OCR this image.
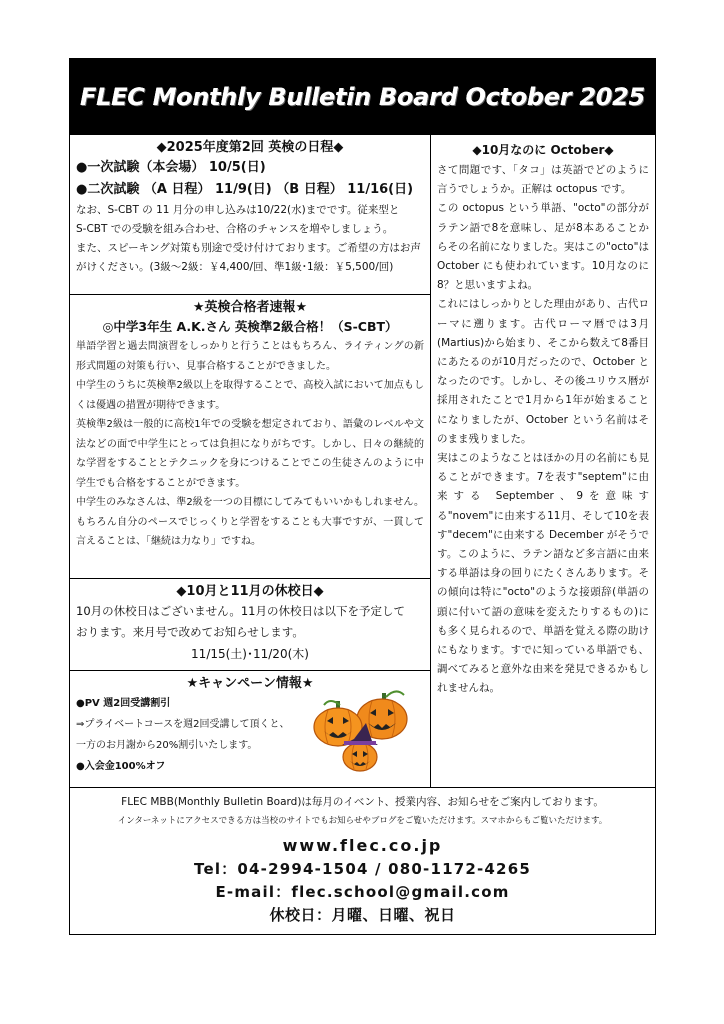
FLEC Monthly Bulletin Board October 2025
◆2025年度第2回 英検の日程◆
●一次試験（本会場） 10/5(日)
●二次試験 （A 日程） 11/9(日) （B 日程） 11/16(日)
なお、S-CBT の 11 月分の申し込みは10/22(水)までです。従来型と
S-CBT での受験を組み合わせ、合格のチャンスを増やしましょう。
また、スピーキング対策も別途で受け付けております。ご希望の方はお声
がけください。(3級～2級：￥4,400/回、準1級･1級：￥5,500/回)
★英検合格者速報★
◎中学3年生 A.K.さん 英検準2級合格！（S-CBT）
単語学習と過去問演習をしっかりと行うことはもちろん、ライティングの新形式問題の対策も行い、見事合格することができました。
中学生のうちに英検準2級以上を取得することで、高校入試において加点もしくは優遇の措置が期待できます。
英検準2級は一般的に高校1年での受験を想定されており、語彙のレベルや文法などの面で中学生にとっては負担になりがちです。しかし、日々の継続的な学習をすることとテクニックを身につけることでこの生徒さんのように中学生でも合格をすることができます。
中学生のみなさんは、準2級を一つの目標にしてみてもいいかもしれません。もちろん自分のペースでじっくりと学習をすることも大事ですが、一貫して言えることは、「継続は力なり」ですね。
◆10月と11月の休校日◆
10月の休校日はございません。11月の休校日は以下を予定して
おります。来月号で改めてお知らせします。
11/15(土)･11/20(木)
★キャンペーン情報★
●PV 週2回受講割引
⇒プライベートコースを週2回受講して頂くと、
一方のお月謝から20%割引いたします。
●入会金100%オフ
◆10月なのに October◆

さて問題です、「タコ」は英語でどのように言うでしょうか。正解は octopus です。

この octopus という単語、"octo"の部分がラテン語で8を意味し、足が8本あることからその名前になりました。実はこの"octo"は October にも使われています。10月なのに8？と思いますよね。

これにはしっかりとした理由があり、古代ローマに遡ります。古代ローマ暦では3月(Martius)から始まり、そこから数えて8番目にあたるのが10月だったので、October となったのです。しかし、その後ユリウス暦が採用されたことで1月から1年が始まることになりましたが、October という名前はそのまま残りました。

実はこのようなことはほかの月の名前にも見ることができます。7を表す"septem"に由来する September、9を意味する"novem"に由来する11月、そして10を表す"decem"に由来する December がそうです。このように、ラテン語など多言語に由来する単語は身の回りにたくさんあります。その傾向は特に"octo"のような接頭辞(単語の頭に付いて語の意味を変えたりするもの)にも多く見られるので、単語を覚える際の助けにもなります。すでに知っている単語でも、調べてみると意外な由来を発見できるかもしれませんね。

FLEC MBB(Monthly Bulletin Board)は毎月のイベント、授業内容、お知らせをご案内しております。
インターネットにアクセスできる方は当校のサイトでもお知らせやブログをご覧いただけます。スマホからもご覧いただけます。
www.flec.co.jp
Tel：04-2994-1504 / 080-1172-4265
E-mail：flec.school@gmail.com
休校日：月曜、日曜、祝日
